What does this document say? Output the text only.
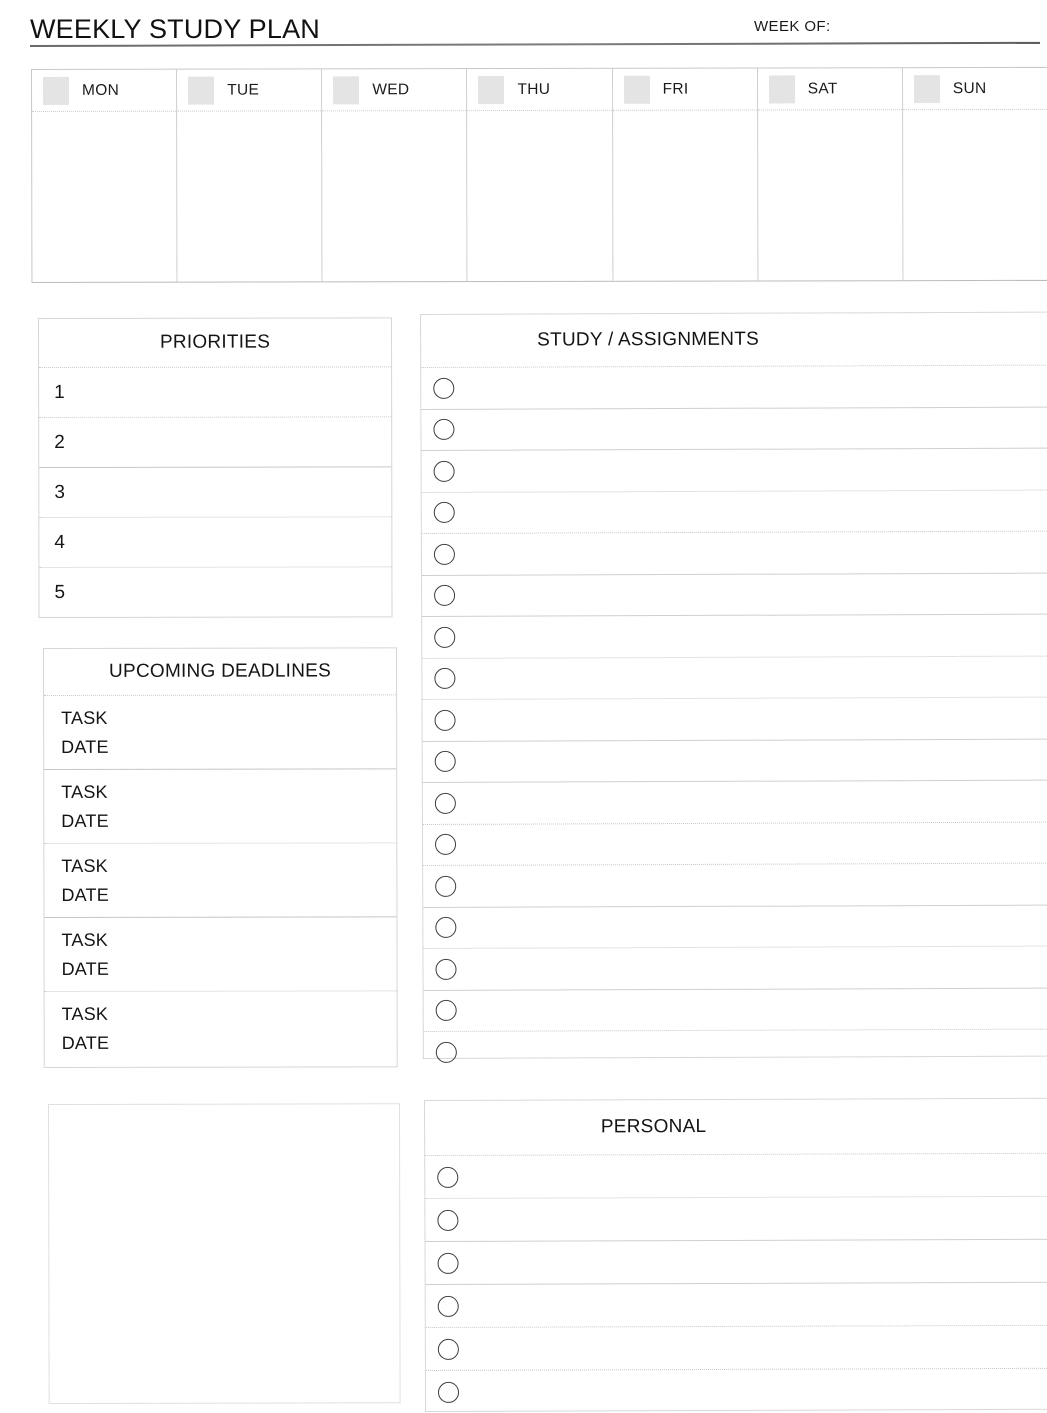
WEEKLY STUDY PLAN	WEEK OF:
MON	TUE	WED	THU	FRI	SAT	SUN
PRIORITIES
1
2
3
4
5
UPCOMING DEADLINES
TASK
DATE
TASK
DATE
TASK
DATE
TASK
DATE
TASK
DATE
STUDY / ASSIGNMENTS
PERSONAL
